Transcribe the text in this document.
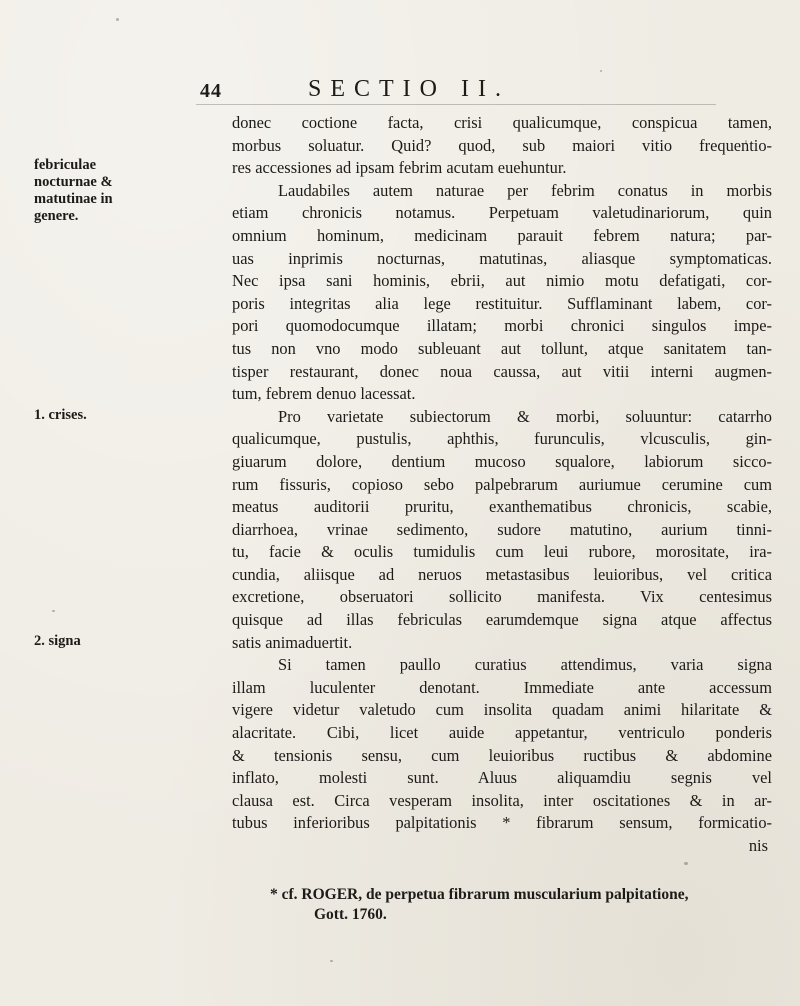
44	SECTIO II.
febriculae
nocturnae &
matutinae in
genere.
1. crises.
2. signa
donec coctione facta, crisi qualicumque, conspicua tamen,
morbus soluatur. Quid? quod, sub maiori vitio frequentio-
res accessiones ad ipsam febrim acutam euehuntur.
Laudabiles autem naturae per febrim conatus in morbis
etiam chronicis notamus. Perpetuam valetudinariorum, quin
omnium hominum, medicinam parauit febrem natura; par-
uas inprimis nocturnas, matutinas, aliasque symptomaticas.
Nec ipsa sani hominis, ebrii, aut nimio motu defatigati, cor-
poris integritas alia lege restituitur. Sufflaminant labem, cor-
pori quomodocumque illatam; morbi chronici singulos impe-
tus non vno modo subleuant aut tollunt, atque sanitatem tan-
tisper restaurant, donec noua caussa, aut vitii interni augmen-
tum, febrem denuo lacessat.
Pro varietate subiectorum & morbi, soluuntur: catarrho
qualicumque, pustulis, aphthis, furunculis, vlcusculis, gin-
giuarum dolore, dentium mucoso squalore, labiorum sicco-
rum fissuris, copioso sebo palpebrarum auriumue cerumine cum
meatus auditorii pruritu, exanthematibus chronicis, scabie,
diarrhoea, vrinae sedimento, sudore matutino, aurium tinni-
tu, facie & oculis tumidulis cum leui rubore, morositate, ira-
cundia, aliisque ad neruos metastasibus leuioribus, vel critica
excretione, obseruatori sollicito manifesta. Vix centesimus
quisque ad illas febriculas earumdemque signa atque affectus
satis animaduertit.
Si tamen paullo curatius attendimus, varia signa
illam luculenter denotant. Immediate ante accessum
vigere videtur valetudo cum insolita quadam animi hilaritate &
alacritate. Cibi, licet auide appetantur, ventriculo ponderis
& tensionis sensu, cum leuioribus ructibus & abdomine
inflato, molesti sunt. Aluus aliquamdiu segnis vel
clausa est. Circa vesperam insolita, inter oscitationes & in ar-
tubus inferioribus palpitationis * fibrarum sensum, formicatio-
nis
* cf. ROGER, de perpetua fibrarum muscularium palpitatione,
Gott. 1760.
